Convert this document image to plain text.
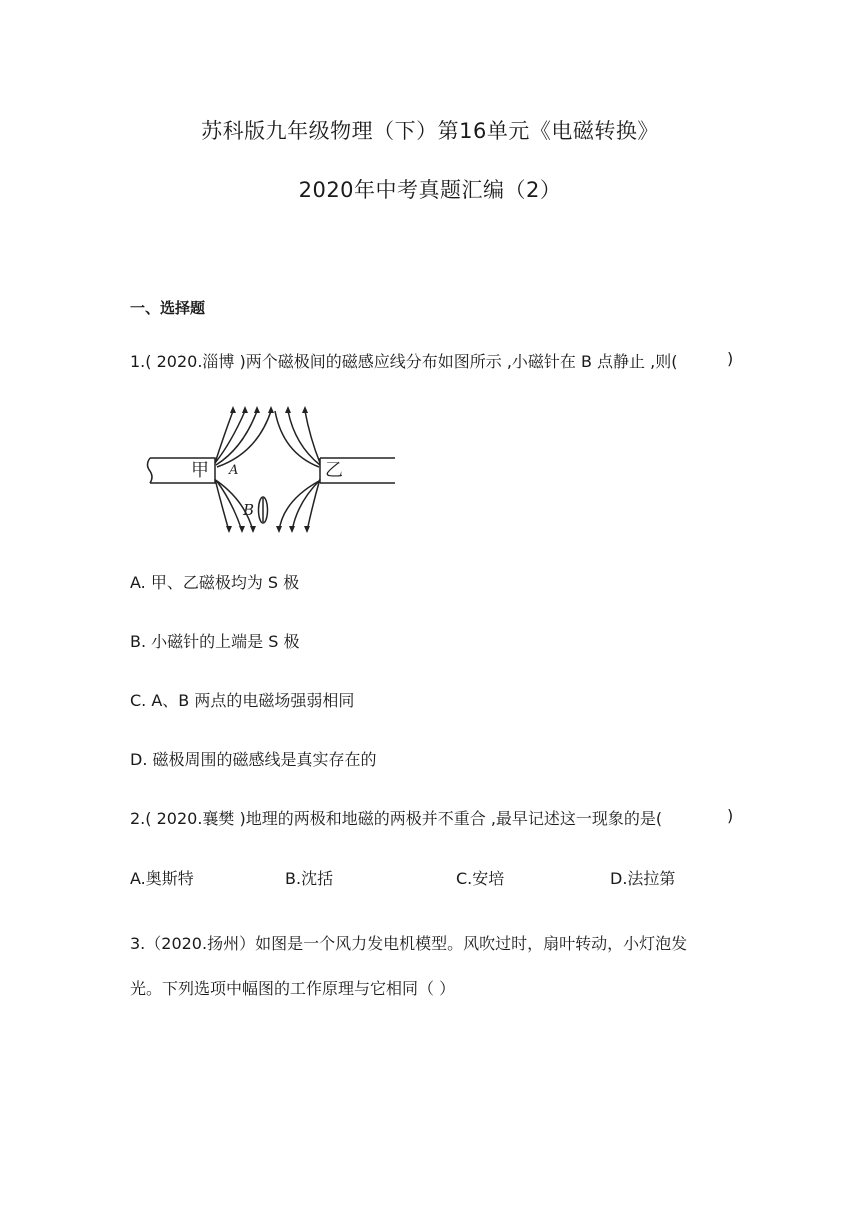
苏科版九年级物理（下）第16单元《电磁转换》
2020年中考真题汇编（2）
一、选择题
1.( 2020.淄博 )两个磁极间的磁感应线分布如图所示 ,小磁针在 B 点静止 ,则(	)
甲	乙
A
B
A. 甲、乙磁极均为 S 极
B. 小磁针的上端是 S 极
C. A、B 两点的电磁场强弱相同
D. 磁极周围的磁感线是真实存在的
2.( 2020.襄樊 )地理的两极和地磁的两极并不重合 ,最早记述这一现象的是(	)
A.奥斯特	B.沈括	C.安培	D.法拉第
3.（2020.扬州）如图是一个风力发电机模型。风吹过时，扇叶转动，小灯泡发
光。下列选项中幅图的工作原理与它相同（ ）
